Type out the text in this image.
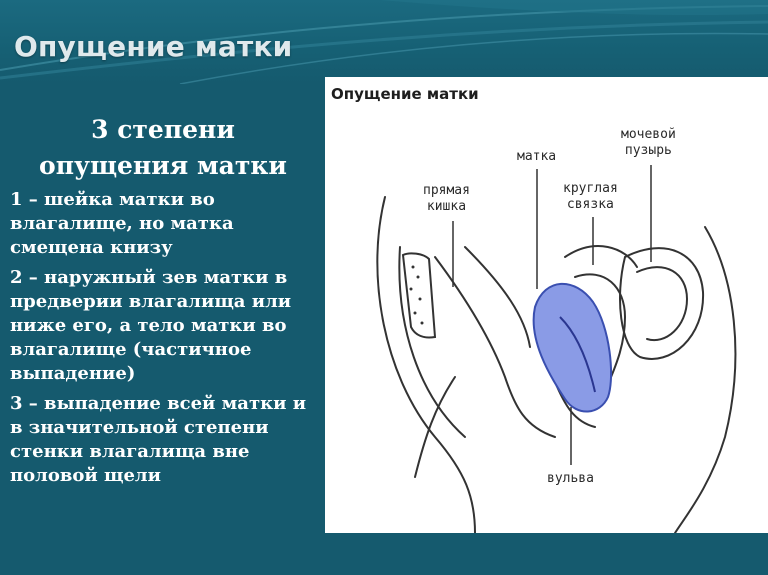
Опущение матки
3 степени
опущения матки
1 – шейка матки во влагалище, но матка смещена книзу
2 – наружный зев матки в предверии влагалища или ниже его, а тело матки во влагалище (частичное выпадение)
3 – выпадение всей матки и в значительной степени стенки влагалища вне половой щели
Опущение матки
прямая
кишка
матка
круглая
связка
мочевой
пузырь
вульва
